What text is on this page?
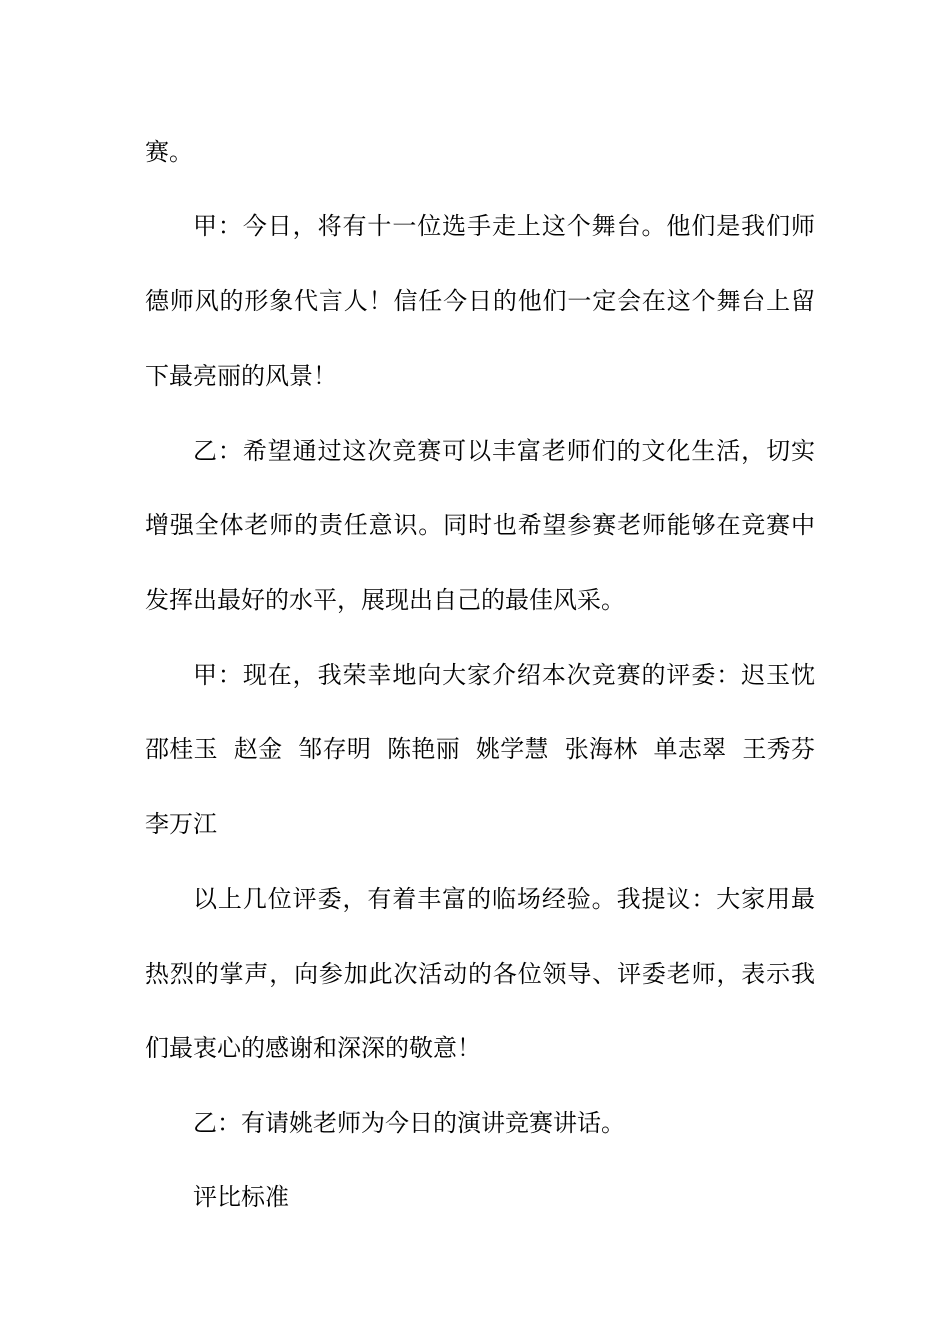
赛。
甲：今日，将有十一位选手走上这个舞台。他们是我们师
德师风的形象代言人！信任今日的他们一定会在这个舞台上留
下最亮丽的风景！
乙：希望通过这次竞赛可以丰富老师们的文化生活，切实
增强全体老师的责任意识。同时也希望参赛老师能够在竞赛中
发挥出最好的水平，展现出自己的最佳风采。
甲：现在，我荣幸地向大家介绍本次竞赛的评委：迟玉忱
邵桂玉  赵金  邹存明  陈艳丽  姚学慧  张海林  单志翠  王秀芬
李万江
以上几位评委，有着丰富的临场经验。我提议：大家用最
热烈的掌声，向参加此次活动的各位领导、评委老师，表示我
们最衷心的感谢和深深的敬意！
乙：有请姚老师为今日的演讲竞赛讲话。
评比标准
